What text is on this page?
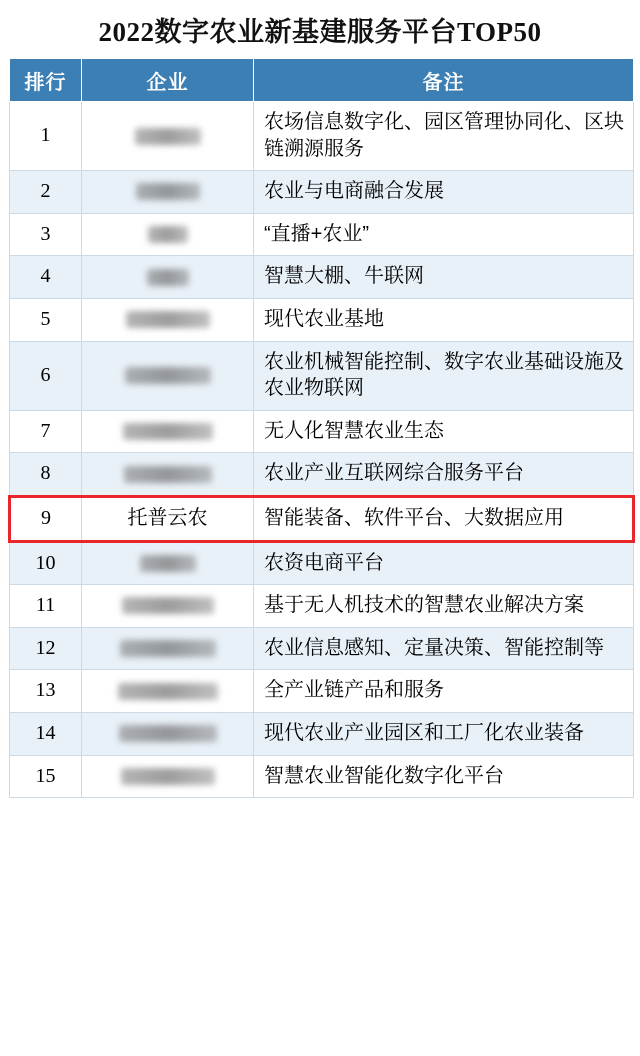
2022数字农业新基建服务平台TOP50
排行	企业	备注
1		农场信息数字化、园区管理协同化、区块链溯源服务
2		农业与电商融合发展
3		“直播+农业”
4		智慧大棚、牛联网
5		现代农业基地
6		农业机械智能控制、数字农业基础设施及农业物联网
7		无人化智慧农业生态
8		农业产业互联网综合服务平台
9	托普云农	智能装备、软件平台、大数据应用
10		农资电商平台
11		基于无人机技术的智慧农业解决方案
12		农业信息感知、定量决策、智能控制等
13		全产业链产品和服务
14		现代农业产业园区和工厂化农业装备
15		智慧农业智能化数字化平台
